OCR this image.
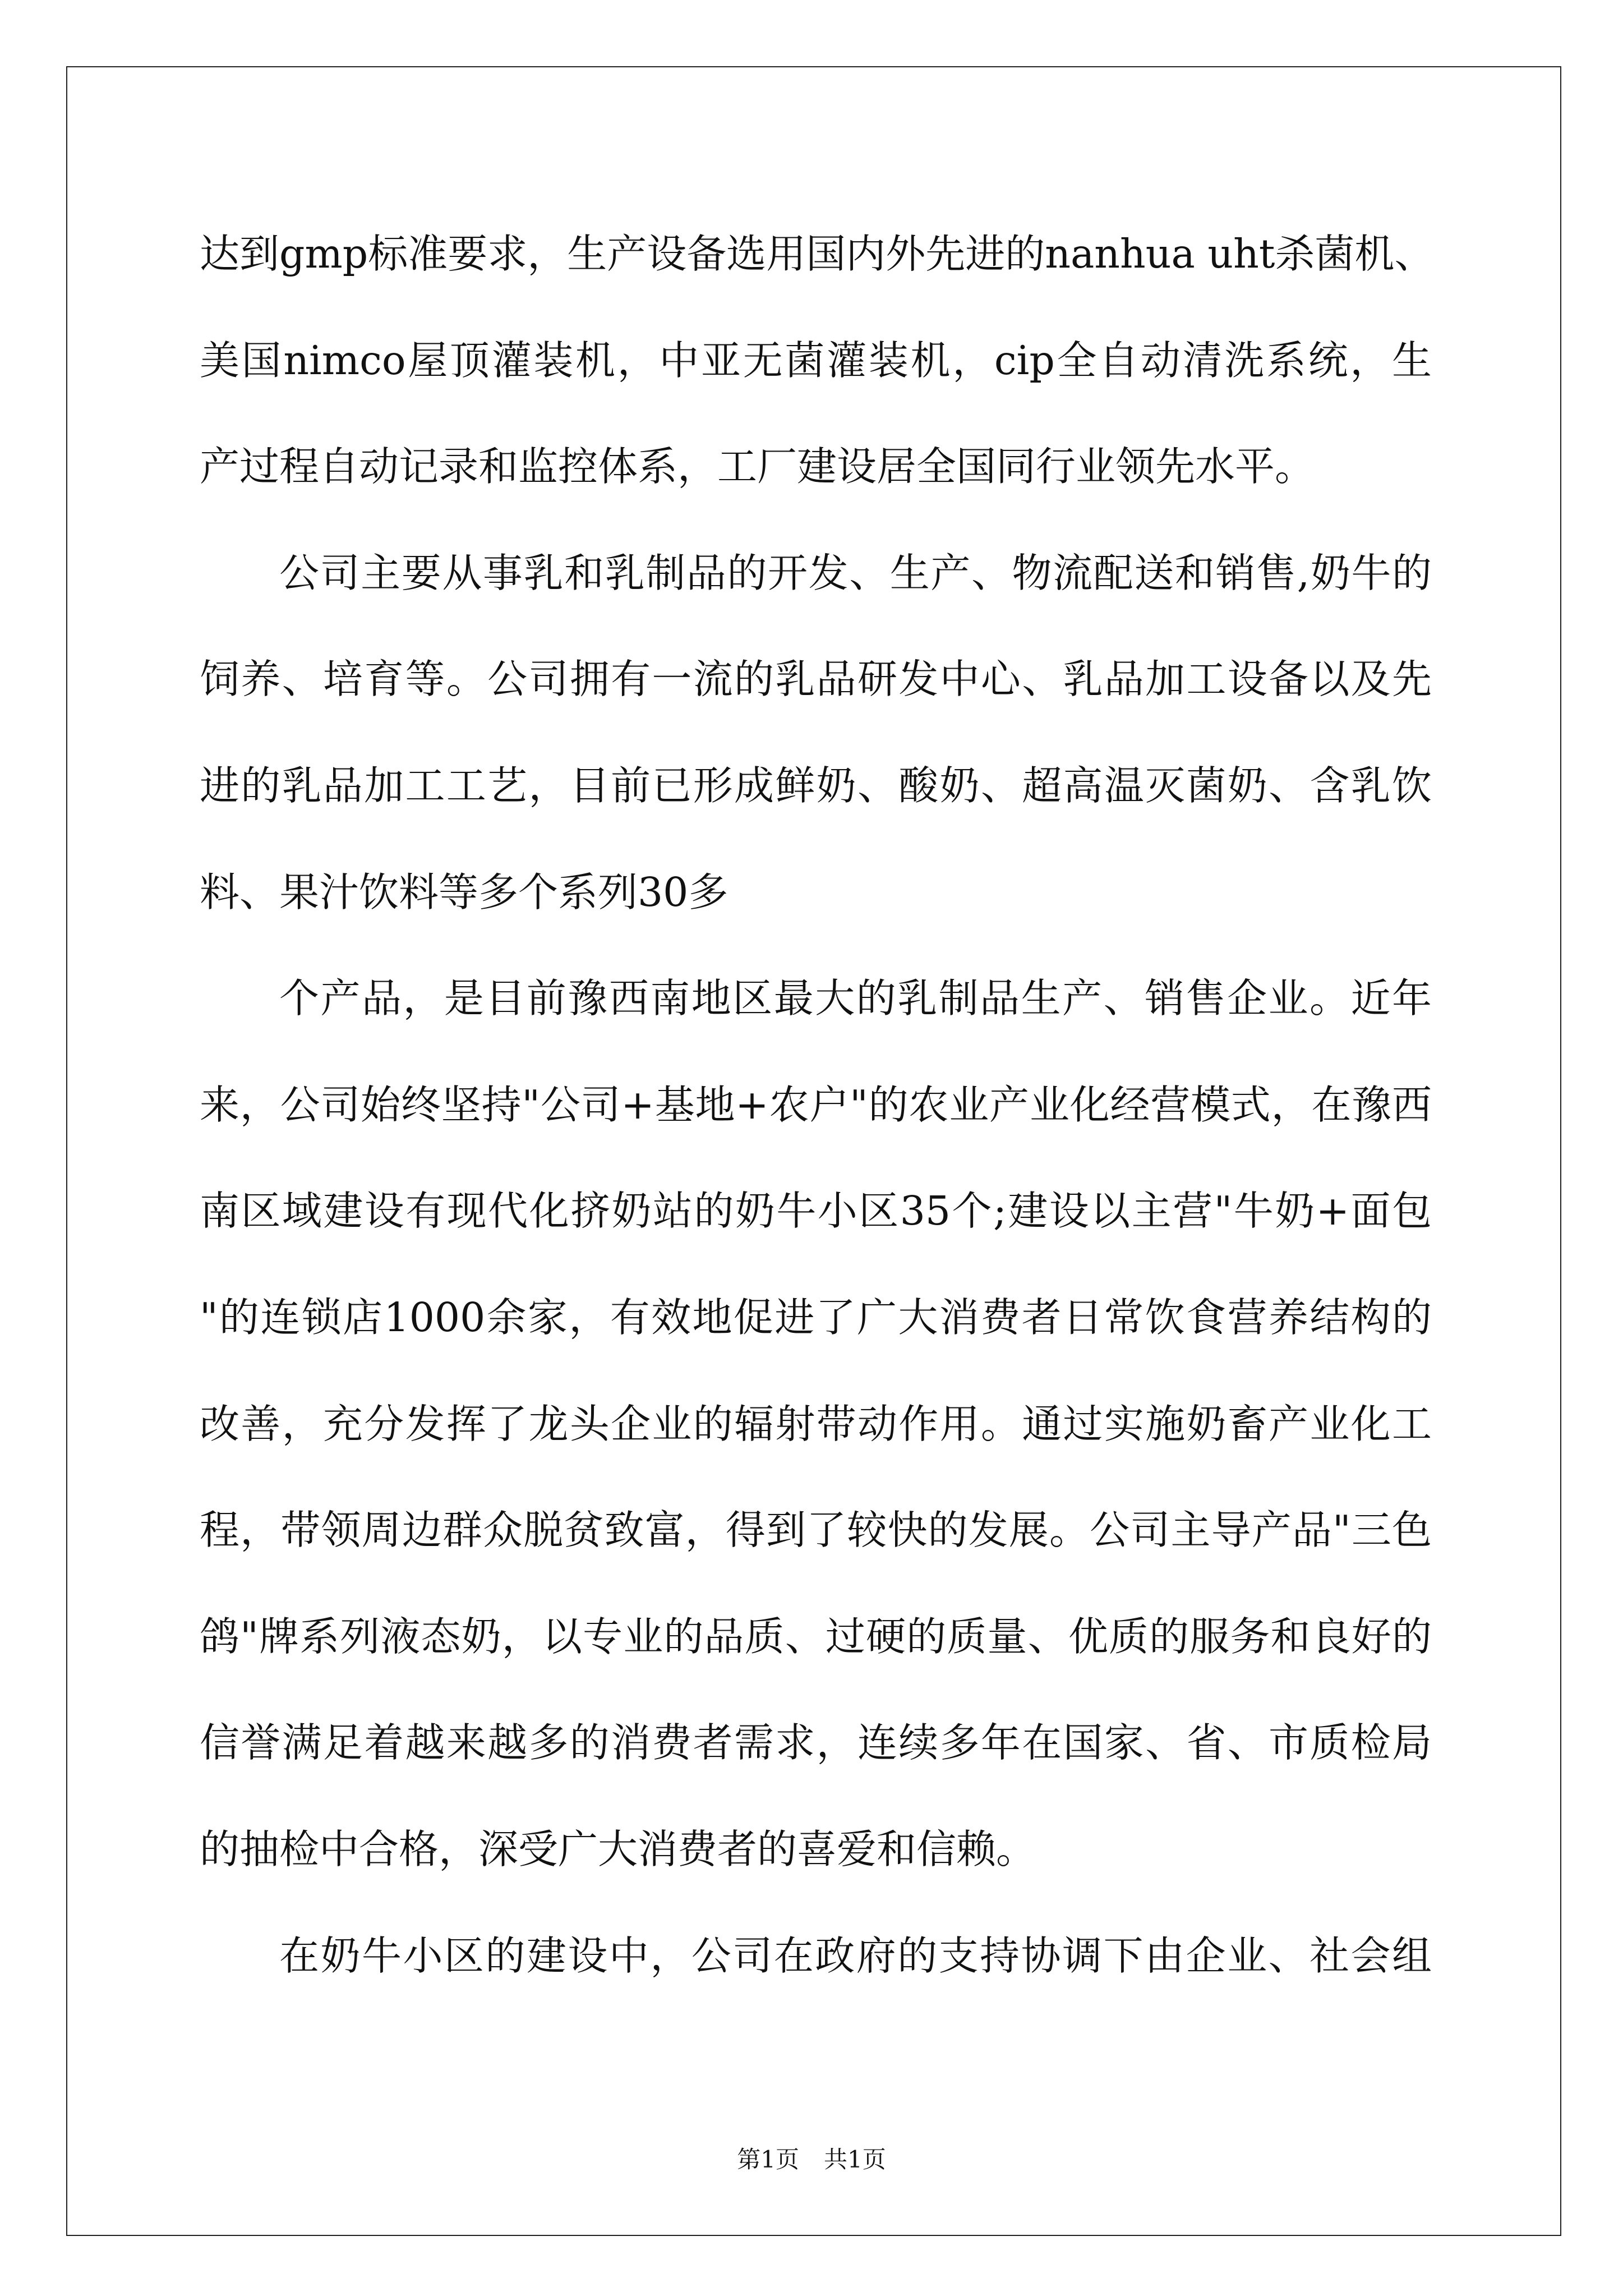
达到gmp标准要求，生产设备选用国内外先进的nanhua uht杀菌机、
美国nimco屋顶灌装机，中亚无菌灌装机，cip全自动清洗系统，生
产过程自动记录和监控体系，工厂建设居全国同行业领先水平。
公司主要从事乳和乳制品的开发、生产、物流配送和销售,奶牛的
饲养、培育等。公司拥有一流的乳品研发中心、乳品加工设备以及先
进的乳品加工工艺，目前已形成鲜奶、酸奶、超高温灭菌奶、含乳饮
料、果汁饮料等多个系列30多
个产品，是目前豫西南地区最大的乳制品生产、销售企业。近年
来，公司始终坚持"公司+基地+农户"的农业产业化经营模式，在豫西
南区域建设有现代化挤奶站的奶牛小区35个;建设以主营"牛奶+面包
"的连锁店1000余家，有效地促进了广大消费者日常饮食营养结构的
改善，充分发挥了龙头企业的辐射带动作用。通过实施奶畜产业化工
程，带领周边群众脱贫致富，得到了较快的发展。公司主导产品"三色
鸽"牌系列液态奶，以专业的品质、过硬的质量、优质的服务和良好的
信誉满足着越来越多的消费者需求，连续多年在国家、省、市质检局
的抽检中合格，深受广大消费者的喜爱和信赖。
在奶牛小区的建设中，公司在政府的支持协调下由企业、社会组
第1页 共1页
